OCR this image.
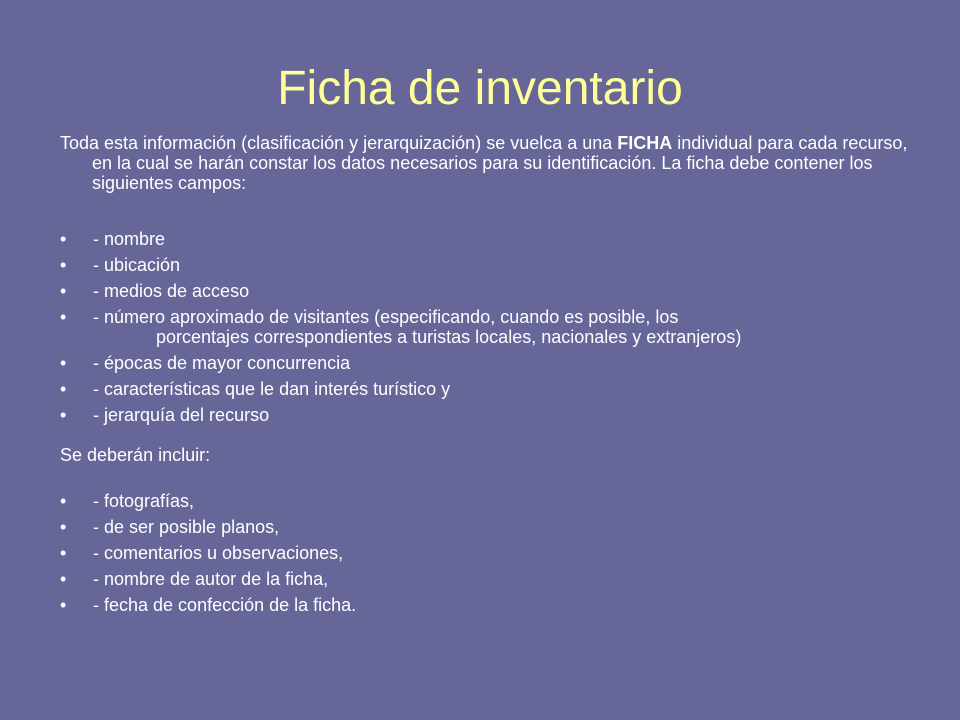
Ficha de inventario

Toda esta información (clasificación y jerarquización) se vuelca a una FICHA individual para cada recurso, en la cual se harán constar los datos necesarios para su identificación. La ficha debe contener los siguientes campos:

• - nombre
• - ubicación
• - medios de acceso
• - número aproximado de visitantes (especificando, cuando es posible, los
porcentajes correspondientes a turistas locales, nacionales y extranjeros)
• - épocas de mayor concurrencia
• - características que le dan interés turístico y
• - jerarquía del recurso

Se deberán incluir:

• - fotografías,
• - de ser posible planos,
• - comentarios u observaciones,
• - nombre de autor de la ficha,
• - fecha de confección de la ficha.
